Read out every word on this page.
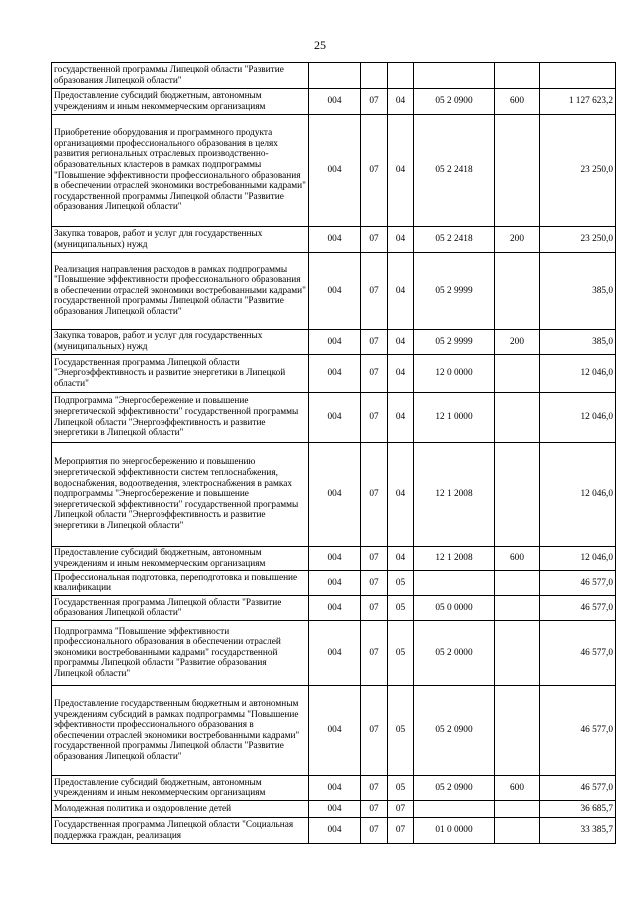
25
государственной программы Липецкой области "Развитие образования Липецкой области"						
Предоставление субсидий бюджетным, автономным учреждениям и иным некоммерческим организациям	004	07	04	05 2 0900	600	1 127 623,2
Приобретение оборудования и программного продукта организациями профессионального образования в целях развития региональных отраслевых производственно-образовательных кластеров в рамках подпрограммы "Повышение эффективности профессионального образования в обеспечении отраслей экономики востребованными кадрами" государственной программы Липецкой области "Развитие образования Липецкой области"	004	07	04	05 2 2418		23 250,0
Закупка товаров, работ и услуг для государственных (муниципальных) нужд	004	07	04	05 2 2418	200	23 250,0
Реализация направления расходов в рамках подпрограммы "Повышение эффективности профессионального образования в обеспечении отраслей экономики востребованными кадрами" государственной программы Липецкой области "Развитие образования Липецкой области"	004	07	04	05 2 9999		385,0
Закупка товаров, работ и услуг для государственных (муниципальных) нужд	004	07	04	05 2 9999	200	385,0
Государственная программа Липецкой области "Энергоэффективность и развитие энергетики в Липецкой области"	004	07	04	12 0 0000		12 046,0
Подпрограмма "Энергосбережение и повышение энергетической эффективности" государственной программы Липецкой области "Энергоэффективность и развитие энергетики в Липецкой области"	004	07	04	12 1 0000		12 046,0
Мероприятия по энергосбережению и повышению энергетической эффективности систем теплоснабжения, водоснабжения, водоотведения, электроснабжения в рамках подпрограммы "Энергосбережение и повышение энергетической эффективности" государственной программы Липецкой области "Энергоэффективность и развитие энергетики в Липецкой области"	004	07	04	12 1 2008		12 046,0
Предоставление субсидий бюджетным, автономным учреждениям и иным некоммерческим организациям	004	07	04	12 1 2008	600	12 046,0
Профессиональная подготовка, переподготовка и повышение квалификации	004	07	05			46 577,0
Государственная программа Липецкой области "Развитие образования Липецкой области"	004	07	05	05 0 0000		46 577,0
Подпрограмма "Повышение эффективности профессионального образования в обеспечении отраслей экономики востребованными кадрами" государственной программы Липецкой области "Развитие образования Липецкой области"	004	07	05	05 2 0000		46 577,0
Предоставление государственным бюджетным и автономным учреждениям субсидий в рамках подпрограммы "Повышение эффективности профессионального образования в обеспечении отраслей экономики востребованными кадрами" государственной программы Липецкой области "Развитие образования Липецкой области"	004	07	05	05 2 0900		46 577,0
Предоставление субсидий бюджетным, автономным учреждениям и иным некоммерческим организациям	004	07	05	05 2 0900	600	46 577,0
Молодежная политика и оздоровление детей	004	07	07			36 685,7
Государственная программа Липецкой области "Социальная поддержка граждан, реализация	004	07	07	01 0 0000		33 385,7
